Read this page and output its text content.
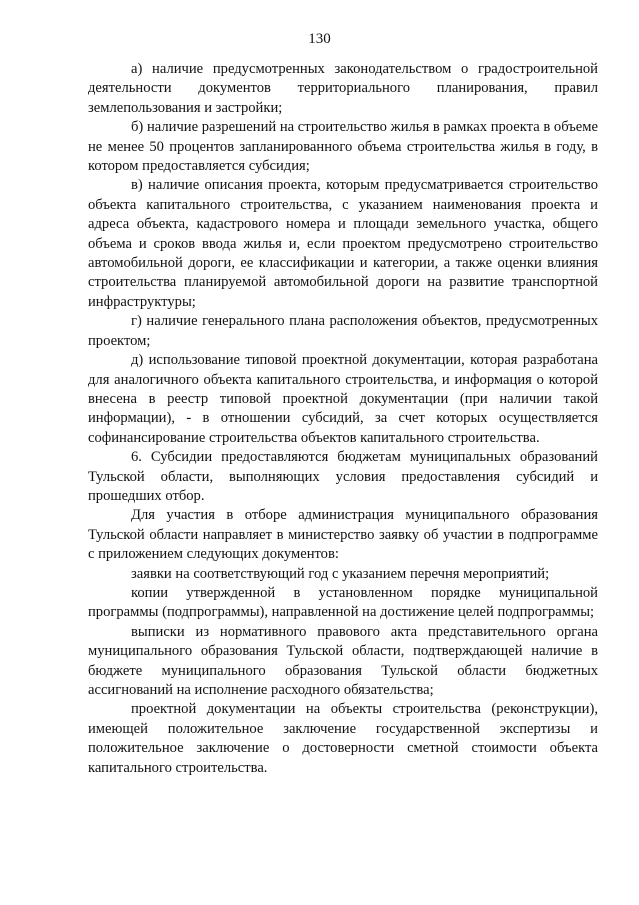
130

а) наличие предусмотренных законодательством о градостроительной деятельности документов территориального планирования, правил землепользования и застройки;

б) наличие разрешений на строительство жилья в рамках проекта в объеме не менее 50 процентов запланированного объема строительства жилья в году, в котором предоставляется субсидия;

в) наличие описания проекта, которым предусматривается строительство объекта капитального строительства, с указанием наименования проекта и адреса объекта, кадастрового номера и площади земельного участка, общего объема и сроков ввода жилья и, если проектом предусмотрено строительство автомобильной дороги, ее классификации и категории, а также оценки влияния строительства планируемой автомобильной дороги на развитие транспортной инфраструктуры;

г) наличие генерального плана расположения объектов, предусмотренных проектом;

д) использование типовой проектной документации, которая разработана для аналогичного объекта капитального строительства, и информация о которой внесена в реестр типовой проектной документации (при наличии такой информации), - в отношении субсидий, за счет которых осуществляется софинансирование строительства объектов капитального строительства.

6. Субсидии предоставляются бюджетам муниципальных образований Тульской области, выполняющих условия предоставления субсидий и прошедших отбор.

Для участия в отборе администрация муниципального образования Тульской области направляет в министерство заявку об участии в подпрограмме с приложением следующих документов:

заявки на соответствующий год с указанием перечня мероприятий;

копии утвержденной в установленном порядке муниципальной программы (подпрограммы), направленной на достижение целей подпрограммы;

выписки из нормативного правового акта представительного органа муниципального образования Тульской области, подтверждающей наличие в бюджете муниципального образования Тульской области бюджетных ассигнований на исполнение расходного обязательства;

проектной документации на объекты строительства (реконструкции), имеющей положительное заключение государственной экспертизы и положительное заключение о достоверности сметной стоимости объекта капитального строительства.
